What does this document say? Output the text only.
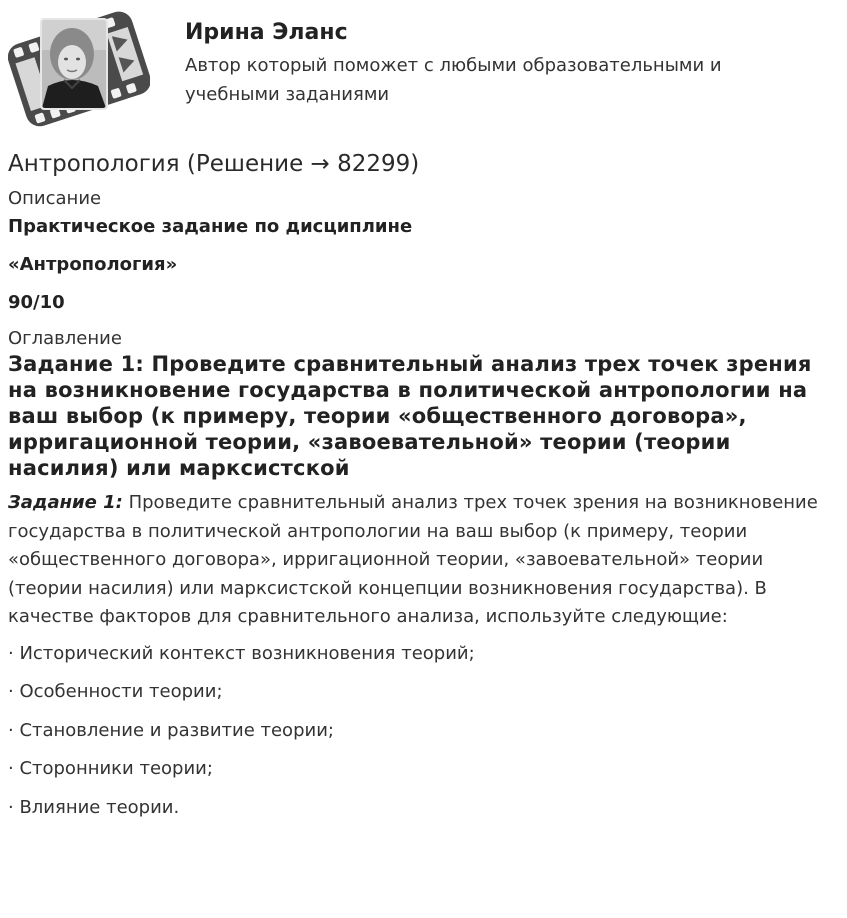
Ирина Эланс
Автор который поможет с любыми образовательными и учебными заданиями
Антропология (Решение → 82299)

Описание

Практическое задание по дисциплине

«Антропология»

90/10

Оглавление

Задание 1: Проведите сравнительный анализ трех точек зрения на возникновение государства в политической антропологии на ваш выбор (к примеру, теории «общественного договора», ирригационной теории, «завоевательной» теории (теории насилия) или марксистской

Задание 1: Проведите сравнительный анализ трех точек зрения на возникновение государства в политической антропологии на ваш выбор (к примеру, теории «общественного договора», ирригационной теории, «завоевательной» теории (теории насилия) или марксистской концепции возникновения государства). В качестве факторов для сравнительного анализа, используйте следующие:

· Исторический контекст возникновения теорий;
· Особенности теории;
· Становление и развитие теории;
· Сторонники теории;
· Влияние теории.
